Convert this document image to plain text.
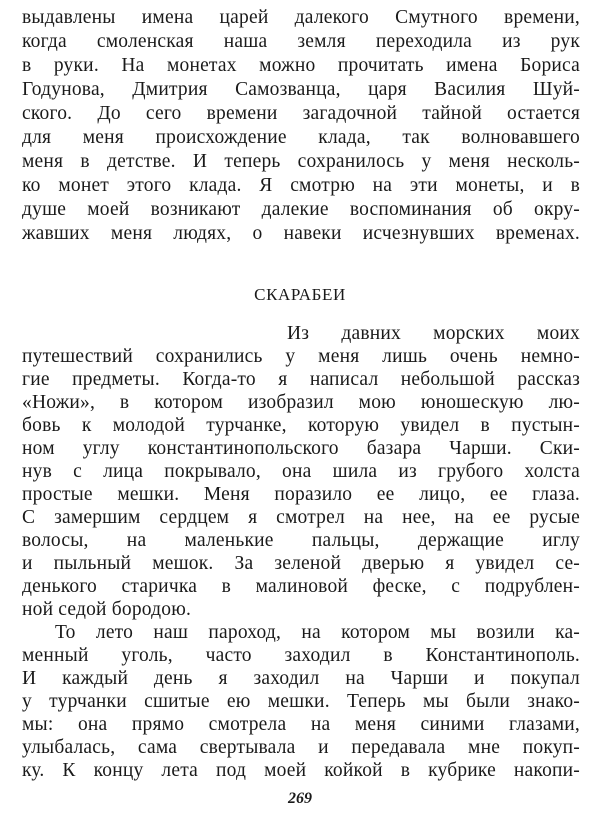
выдавлены имена царей далекого Смутного времени,
когда смоленская наша земля переходила из рук
в руки. На монетах можно прочитать имена Бориса
Годунова, Дмитрия Самозванца, царя Василия Шуй-
ского. До сего времени загадочной тайной остается
для меня происхождение клада, так волновавшего
меня в детстве. И теперь сохранилось у меня несколь-
ко монет этого клада. Я смотрю на эти монеты, и в
душе моей возникают далекие воспоминания об окру-
жавших меня людях, о навеки исчезнувших временах.
СКАРАБЕИ
Из давних морских моих
путешествий сохранились у меня лишь очень немно-
гие предметы. Когда-то я написал небольшой рассказ
«Ножи», в котором изобразил мою юношескую лю-
бовь к молодой турчанке, которую увидел в пустын-
ном углу константинопольского базара Чарши. Ски-
нув с лица покрывало, она шила из грубого холста
простые мешки. Меня поразило ее лицо, ее глаза.
С замершим сердцем я смотрел на нее, на ее русые
волосы, на маленькие пальцы, держащие иглу
и пыльный мешок. За зеленой дверью я увидел се-
денького старичка в малиновой феске, с подрублен-
ной седой бородою.
То лето наш пароход, на котором мы возили ка-
менный уголь, часто заходил в Константинополь.
И каждый день я заходил на Чарши и покупал
у турчанки сшитые ею мешки. Теперь мы были знако-
мы: она прямо смотрела на меня синими глазами,
улыбалась, сама свертывала и передавала мне покуп-
ку. К концу лета под моей койкой в кубрике накопи-
269
